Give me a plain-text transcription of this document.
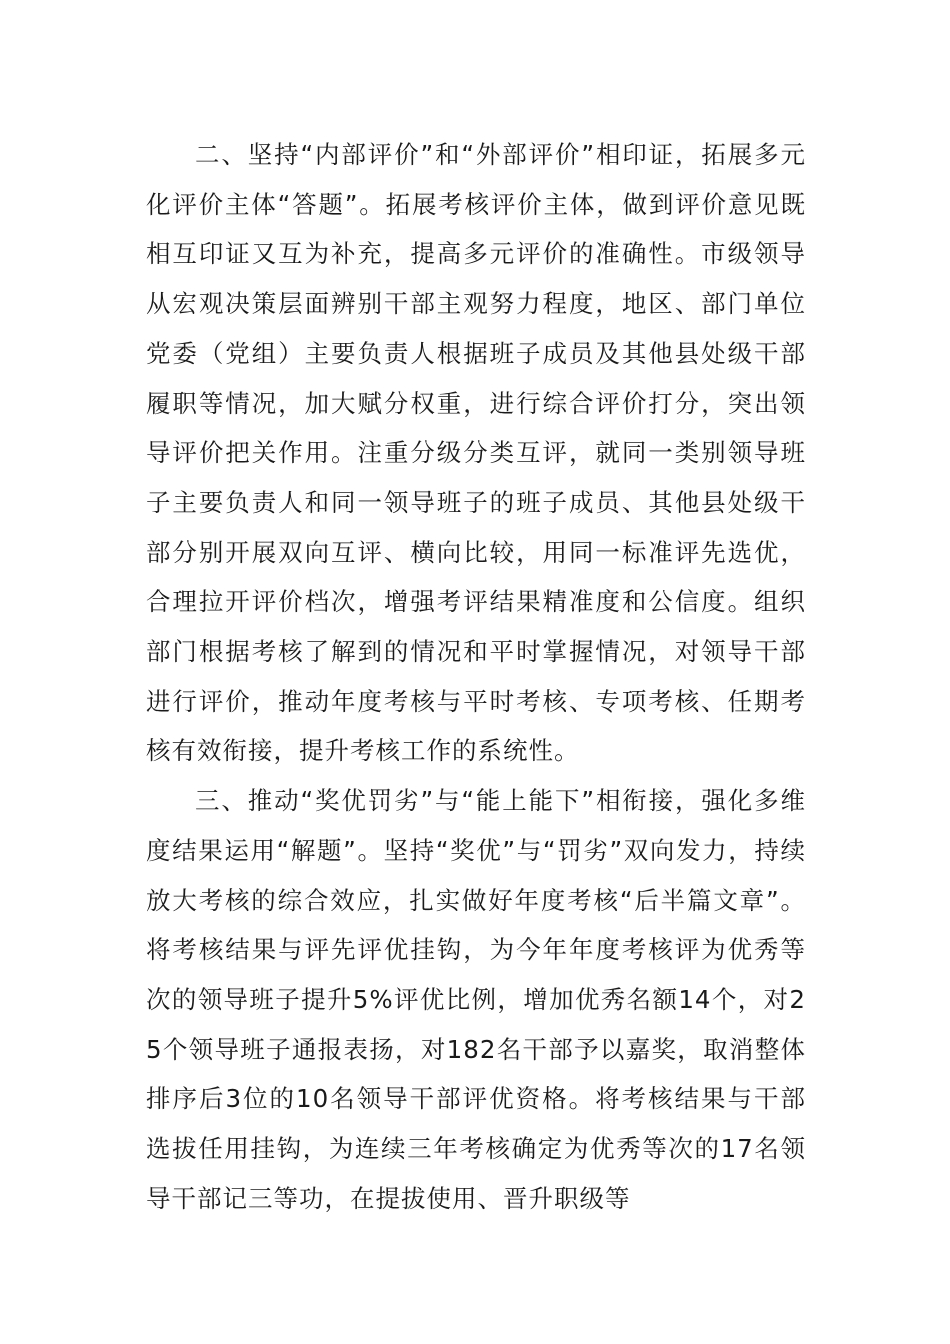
二、坚持“内部评价”和“外部评价”相印证，拓展多元化评价主体“答题”。拓展考核评价主体，做到评价意见既相互印证又互为补充，提高多元评价的准确性。市级领导从宏观决策层面辨别干部主观努力程度，地区、部门单位党委（党组）主要负责人根据班子成员及其他县处级干部履职等情况，加大赋分权重，进行综合评价打分，突出领导评价把关作用。注重分级分类互评，就同一类别领导班子主要负责人和同一领导班子的班子成员、其他县处级干部分别开展双向互评、横向比较，用同一标准评先选优，合理拉开评价档次，增强考评结果精准度和公信度。组织部门根据考核了解到的情况和平时掌握情况，对领导干部进行评价，推动年度考核与平时考核、专项考核、任期考核有效衔接，提升考核工作的系统性。

三、推动“奖优罚劣”与“能上能下”相衔接，强化多维度结果运用“解题”。坚持“奖优”与“罚劣”双向发力，持续放大考核的综合效应，扎实做好年度考核“后半篇文章”。将考核结果与评先评优挂钩，为今年年度考核评为优秀等次的领导班子提升5%评优比例，增加优秀名额14个，对25个领导班子通报表扬，对182名干部予以嘉奖，取消整体排序后3位的10名领导干部评优资格。将考核结果与干部选拔任用挂钩，为连续三年考核确定为优秀等次的17名领导干部记三等功，在提拔使用、晋升职级等
